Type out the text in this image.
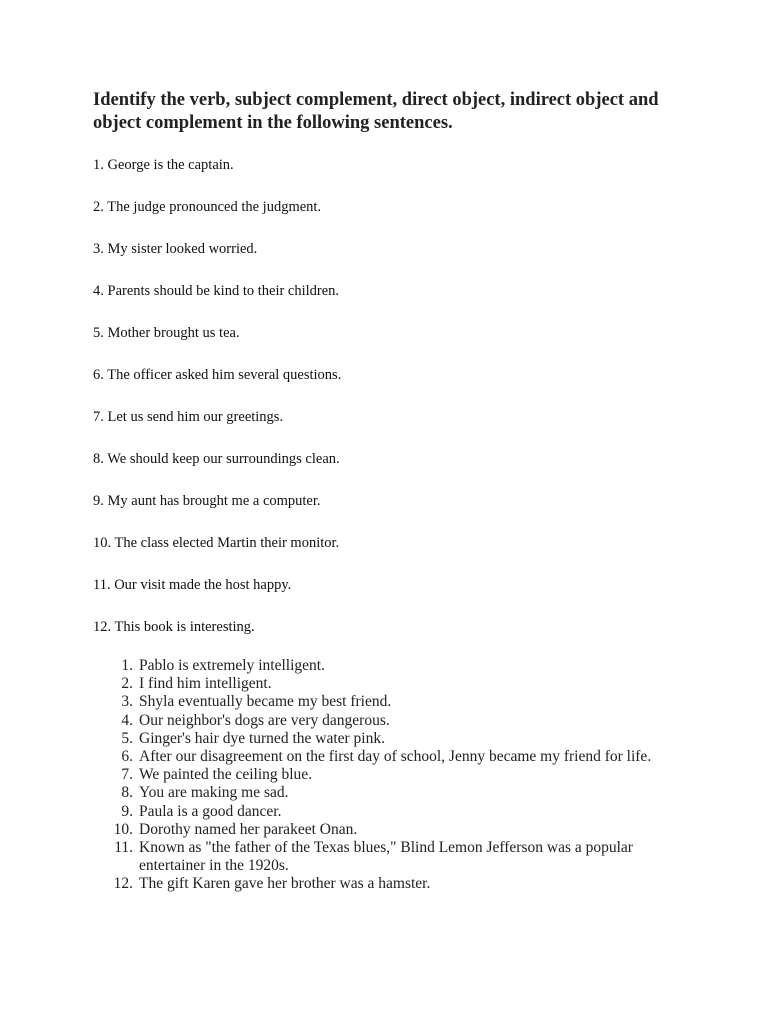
Identify the verb, subject complement, direct object, indirect object and object complement in the following sentences.
1. George is the captain.
2. The judge pronounced the judgment.
3. My sister looked worried.
4. Parents should be kind to their children.
5. Mother brought us tea.
6. The officer asked him several questions.
7. Let us send him our greetings.
8. We should keep our surroundings clean.
9. My aunt has brought me a computer.
10. The class elected Martin their monitor.
11. Our visit made the host happy.
12. This book is interesting.
1. Pablo is extremely intelligent.
2. I find him intelligent.
3. Shyla eventually became my best friend.
4. Our neighbor's dogs are very dangerous.
5. Ginger's hair dye turned the water pink.
6. After our disagreement on the first day of school, Jenny became my friend for life.
7. We painted the ceiling blue.
8. You are making me sad.
9. Paula is a good dancer.
10. Dorothy named her parakeet Onan.
11. Known as "the father of the Texas blues," Blind Lemon Jefferson was a popular entertainer in the 1920s.
12. The gift Karen gave her brother was a hamster.
